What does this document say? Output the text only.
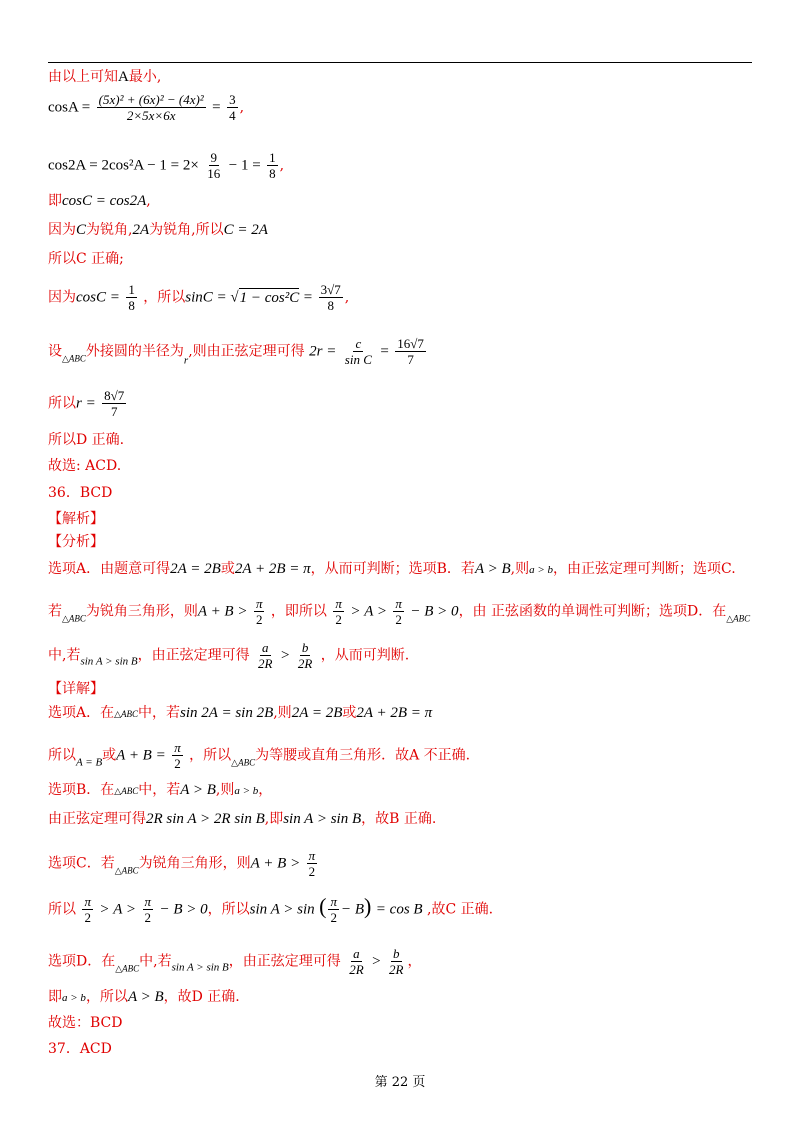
由以上可知A最小,
$\cos A = \frac{\text{(5x)² + (6x)² − (4x)²}}{2\times 5x\times 6x} = \frac{3}{4}$ ,
$\cos 2A = 2\cos^2A - 1 = 2\times \frac{9}{16} - 1 = \frac{1}{8}$ ,
即cosC = cos2A,
因为C为锐角,2A为锐角,所以C = 2A
所以C 正确;
因为$\cos C = \frac{1}{8}$ ，所以$\sin C = √1 - \cos^2C = \frac{3√7}{8}$ ,
设$_{\triangle ABC}$外接圆的半径为$_r$,则由正弦定理可得 $2r = \frac{c}{\text{sin C}} = \frac{16√7}{7}$
所以$r = \frac{8√7}{7}$
所以D 正确.
故选: ACD.
36．BCD
【解析】
【分析】
选项A．由题意可得2A = 2B或2A + 2B = π，从而可判断；选项B．若A > B,则a > b，由正弦定理可判断；选项C.
若$_{\triangle ABC}$为锐角三角形，则$A + B > \frac{\pi}{2}$ ，即所以 $\frac{\pi}{2} > A > \frac{\pi}{2} - B > 0$，由 正弦函数的单调性可判断；选项D．在$_{\triangle ABC}$
中,若$_{sin A > sin B}$，由正弦定理可得 $\frac{a}{2R} > \frac{b}{2R}$ ，从而可判断.
【详解】
选项A．在△ABC中，若sin 2A = sin 2B,则2A = 2B或2A + 2B = π
所以$_{A = B}$或$A + B = \frac{\pi}{2}$ ，所以$_{\triangle ABC}$为等腰或直角三角形．故A 不正确.
选项B．在△ABC中，若A > B,则a > b，
由正弦定理可得2R sin A > 2R sin B,即sin A > sin B，故B 正确.
选项C．若$_{\triangle ABC}$为锐角三角形，则$A + B > \frac{\pi}{2}$
所以 $\frac{\pi}{2} > A > \frac{\pi}{2} - B > 0$，所以sin A > sin ( $\frac{\pi}{2} - B) = \cos B$ ,故C 正确.
选项D．在$_{\triangle ABC}$中,若$_{sin A > sin B}$，由正弦定理可得 $\frac{a}{2R} > \frac{b}{2R}$ ，
即a > b，所以A > B，故D 正确.
故选：BCD
37．ACD
第 22 页
